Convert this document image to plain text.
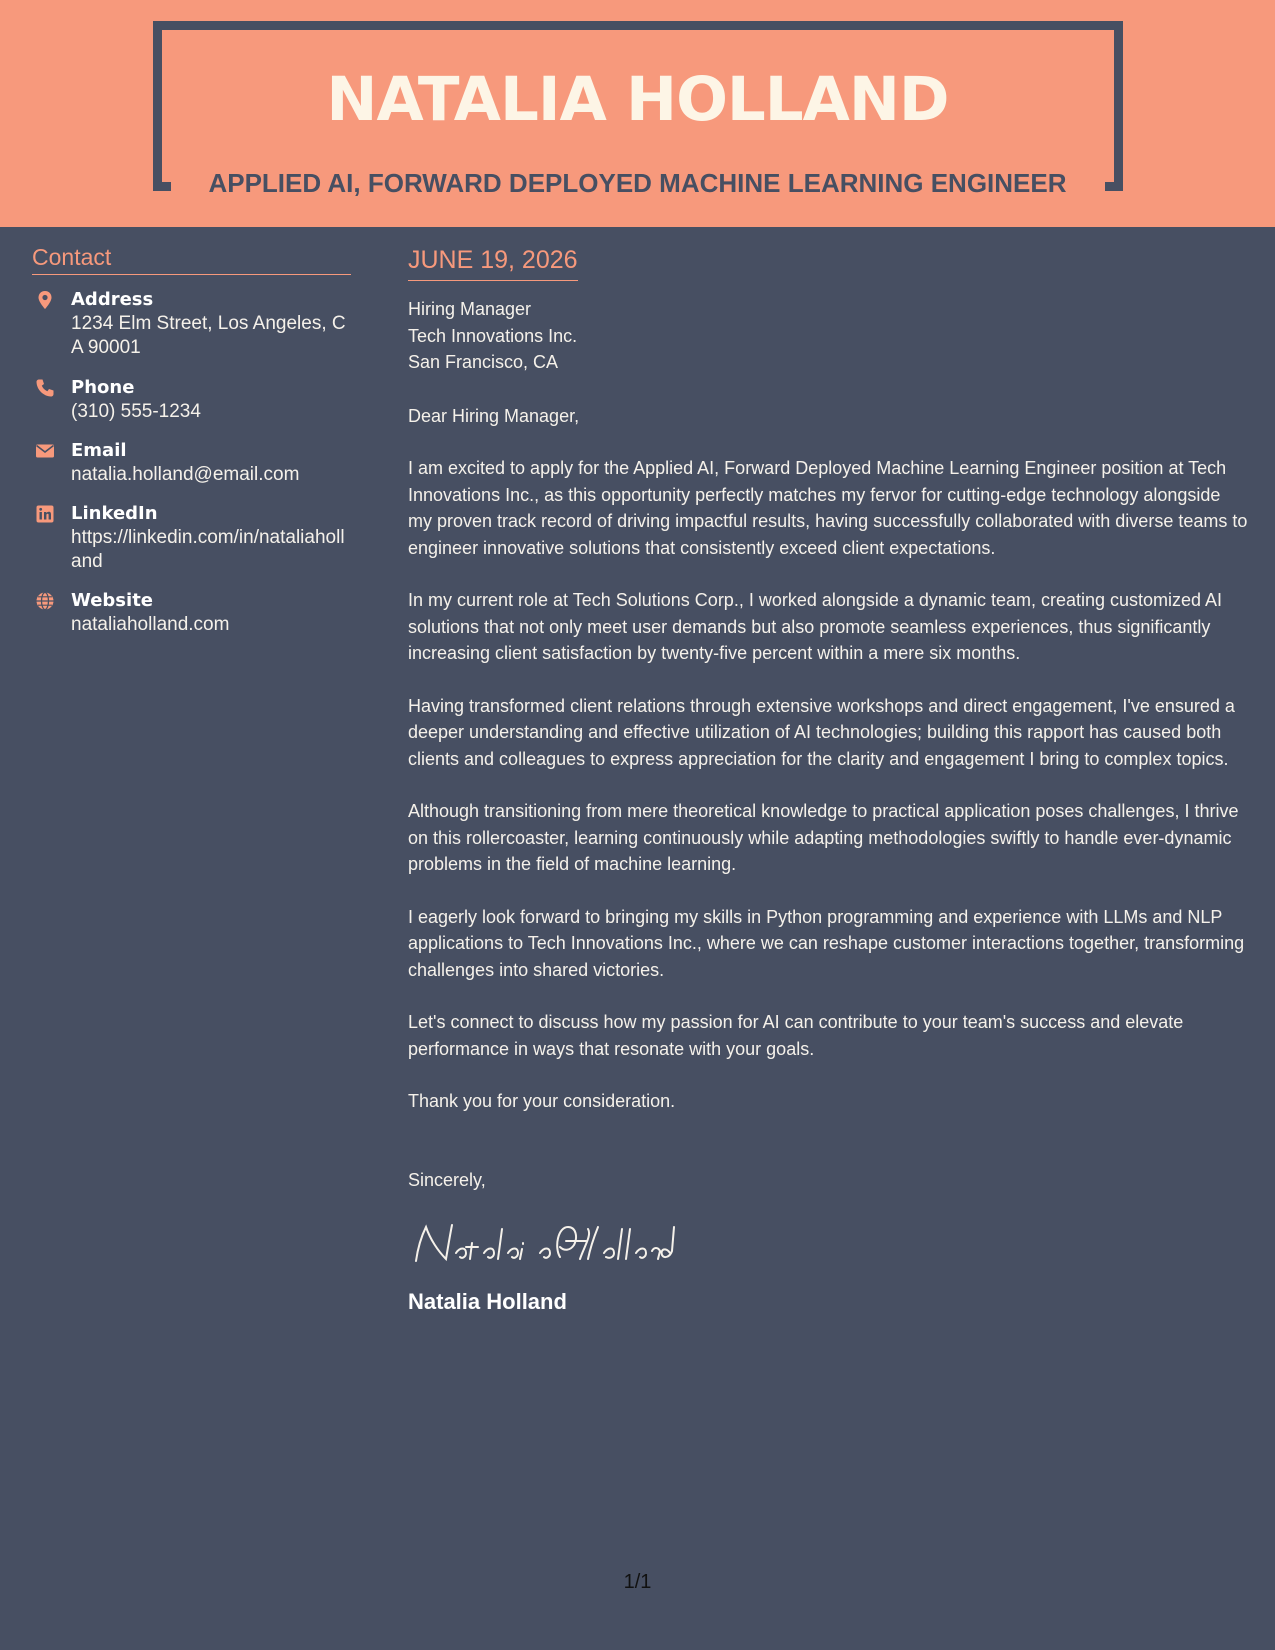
NATALIA HOLLAND
APPLIED AI, FORWARD DEPLOYED MACHINE LEARNING ENGINEER
Contact
Address
1234 Elm Street, Los Angeles, CA 90001
Phone
(310) 555-1234
Email
natalia.holland@email.com
LinkedIn
https://linkedin.com/in/nataliaholland
Website
nataliaholland.com
JUNE 19, 2026
Hiring Manager
Tech Innovations Inc.
San Francisco, CA
Dear Hiring Manager,

I am excited to apply for the Applied AI, Forward Deployed Machine Learning Engineer position at Tech Innovations Inc., as this opportunity perfectly matches my fervor for cutting-edge technology alongside my proven track record of driving impactful results, having successfully collaborated with diverse teams to engineer innovative solutions that consistently exceed client expectations.

In my current role at Tech Solutions Corp., I worked alongside a dynamic team, creating customized AI solutions that not only meet user demands but also promote seamless experiences, thus significantly increasing client satisfaction by twenty-five percent within a mere six months.

Having transformed client relations through extensive workshops and direct engagement, I've ensured a deeper understanding and effective utilization of AI technologies; building this rapport has caused both clients and colleagues to express appreciation for the clarity and engagement I bring to complex topics.

Although transitioning from mere theoretical knowledge to practical application poses challenges, I thrive on this rollercoaster, learning continuously while adapting methodologies swiftly to handle ever-dynamic problems in the field of machine learning.

I eagerly look forward to bringing my skills in Python programming and experience with LLMs and NLP applications to Tech Innovations Inc., where we can reshape customer interactions together, transforming challenges into shared victories.

Let's connect to discuss how my passion for AI can contribute to your team's success and elevate performance in ways that resonate with your goals.

Thank you for your consideration.

Sincerely,
Natalia Holland
1/1
